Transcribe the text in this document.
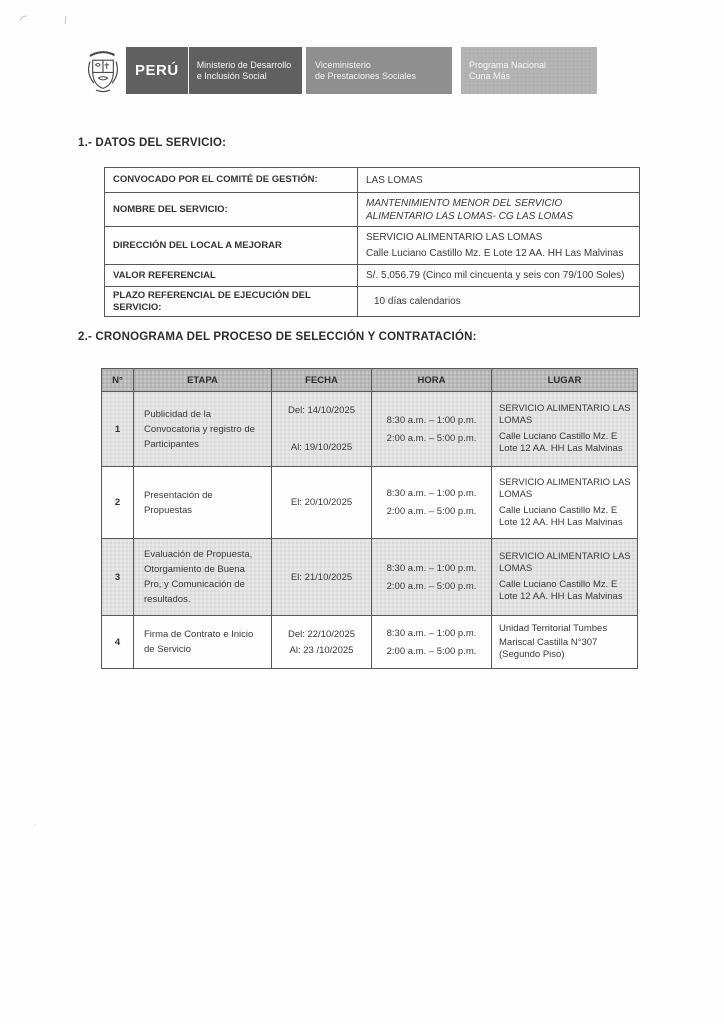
PERÚ	Ministerio de Desarrollo
e Inclusión Social
Viceministerio
de Prestaciones Sociales
Programa Nacional
Cuna Más
1.- DATOS DEL SERVICIO:
CONVOCADO POR EL COMITÉ DE GESTIÓN:	LAS LOMAS
NOMBRE DEL SERVICIO:	MANTENIMIENTO MENOR DEL SERVICIO
ALIMENTARIO LAS LOMAS- CG LAS LOMAS

DIRECCIÓN DEL LOCAL A MEJORAR	SERVICIO ALIMENTARIO LAS LOMAS
Calle Luciano Castillo Mz. E Lote 12 AA. HH Las Malvinas

VALOR REFERENCIAL	S/. 5,056.79 (Cinco mil cincuenta y seis con 79/100 Soles)
PLAZO REFERENCIAL DE EJECUCIÓN DEL SERVICIO:	10 días calendarios
2.- CRONOGRAMA DEL PROCESO DE SELECCIÓN Y CONTRATACIÓN:
N°	ETAPA	FECHA	HORA	LUGAR
1	Publicidad de la Convocatoria y registro de Participantes	Del: 14/10/2025
Al: 19/10/2025	8:30 a.m. – 1:00 p.m.
2:00 a.m. – 5:00 p.m.	SERVICIO ALIMENTARIO LAS LOMAS
Calle Luciano Castillo Mz. E Lote 12 AA. HH Las Malvinas

2	Presentación de Propuestas	El: 20/10/2025	8:30 a.m. – 1:00 p.m.
2:00 a.m. – 5:00 p.m.	SERVICIO ALIMENTARIO LAS LOMAS
Calle Luciano Castillo Mz. E Lote 12 AA. HH Las Malvinas

3	Evaluación de Propuesta, Otorgamiento de Buena Pro, y Comunicación de resultados.	El: 21/10/2025	8:30 a.m. – 1:00 p.m.
2:00 a.m. – 5:00 p.m.	SERVICIO ALIMENTARIO LAS LOMAS
Calle Luciano Castillo Mz. E Lote 12 AA. HH Las Malvinas

4	Firma de Contrato e Inicio de Servicio	Del: 22/10/2025
Al: 23 /10/2025	8:30 a.m. – 1:00 p.m.
2:00 a.m. – 5:00 p.m.	Unidad Territorial Tumbes
Mariscal Castilla N°307 (Segundo Piso)
